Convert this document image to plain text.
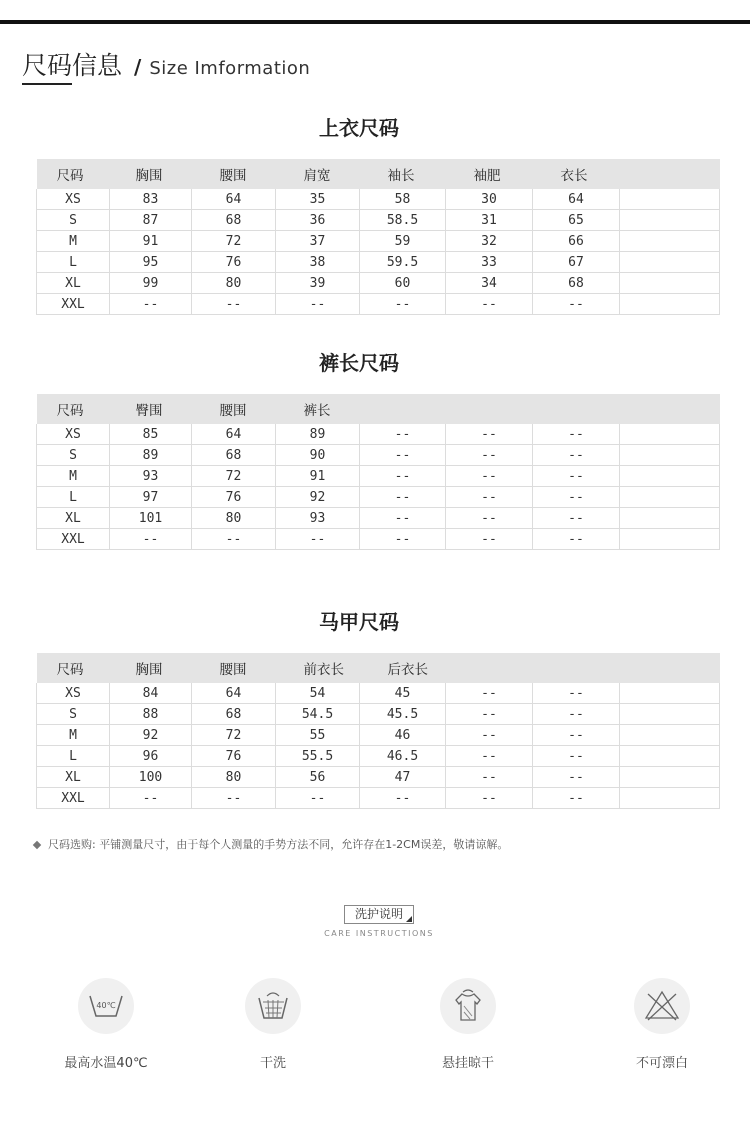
尺码信息 / Size Imformation
上衣尺码
尺码	胸围	腰围	肩宽	袖长	袖肥	衣长	
XS	83	64	35	58	30	64	
S	87	68	36	58.5	31	65	
M	91	72	37	59	32	66	
L	95	76	38	59.5	33	67	
XL	99	80	39	60	34	68	
XXL	--	--	--	--	--	--	
裤长尺码
尺码	臀围	腰围	裤长				
XS	85	64	89	--	--	--	
S	89	68	90	--	--	--	
M	93	72	91	--	--	--	
L	97	76	92	--	--	--	
XL	101	80	93	--	--	--	
XXL	--	--	--	--	--	--	
马甲尺码
尺码	胸围	腰围	前衣长	后衣长			
XS	84	64	54	45	--	--	
S	88	68	54.5	45.5	--	--	
M	92	72	55	46	--	--	
L	96	76	55.5	46.5	--	--	
XL	100	80	56	47	--	--	
XXL	--	--	--	--	--	--	
尺码选购: 平铺测量尺寸，由于每个人测量的手势方法不同，允许存在1-2CM误差，敬请谅解。
洗护说明
CARE INSTRUCTIONS
40℃
最高水温40℃	干洗	悬挂晾干	不可漂白
